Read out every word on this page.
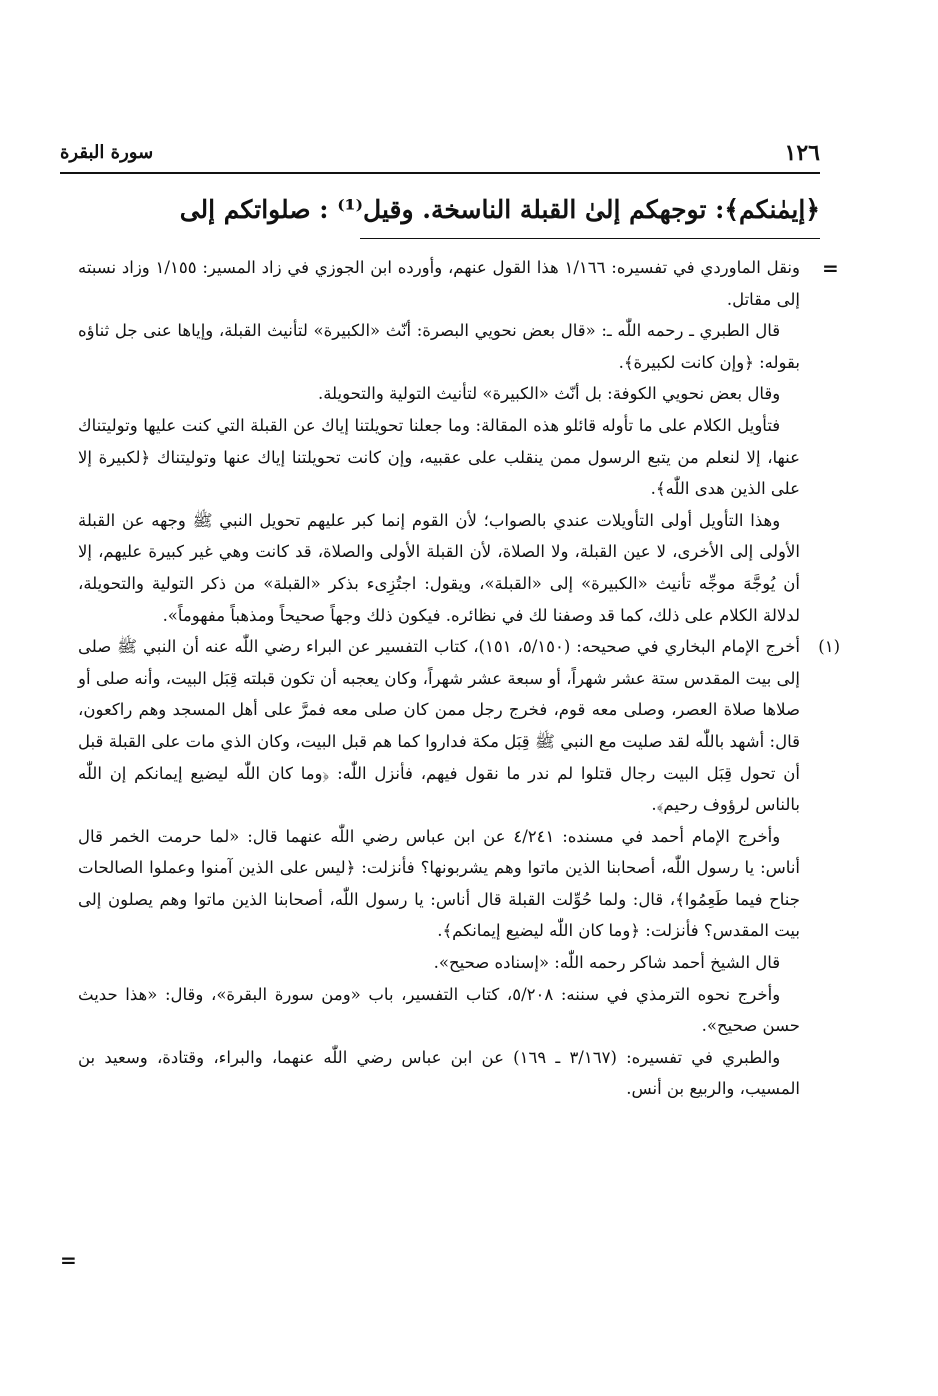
١٢٦
سورة البقرة
﴿إيمٰنكم﴾: توجهكم إلىٰ القبلة الناسخة. وقيل⁽¹⁾ : صلواتكم إلى
=

ونقل الماوردي في تفسيره: ١/١٦٦ هذا القول عنهم، وأورده ابن الجوزي في زاد المسير: ١/١٥٥ وزاد نسبته إلى مقاتل.

قال الطبري ـ رحمه اللّٰه ـ: «قال بعض نحويي البصرة: أنّث «الكبيرة» لتأنيث القبلة، وإياها عنى جل ثناؤه بقوله: ﴿وإن كانت لكبيرة﴾.

وقال بعض نحويي الكوفة: بل أنّث «الكبيرة» لتأنيث التولية والتحويلة.

فتأويل الكلام على ما تأوله قائلو هذه المقالة: وما جعلنا تحويلتنا إياك عن القبلة التي كنت عليها وتوليتناك عنها، إلا لنعلم من يتبع الرسول ممن ينقلب على عقبيه، وإن كانت تحويلتنا إياك عنها وتوليتناك ﴿لكبيرة إلا على الذين هدى اللّٰه﴾.

وهذا التأويل أولى التأويلات عندي بالصواب؛ لأن القوم إنما كبر عليهم تحويل النبي ﷺ وجهه عن القبلة الأولى إلى الأخرى، لا عين القبلة، ولا الصلاة، لأن القبلة الأولى والصلاة، قد كانت وهي غير كبيرة عليهم، إلا أن يُوجَّهَ موجِّه تأنيث «الكبيرة» إلى «القبلة»، ويقول: اجتُزِىء بذكر «القبلة» من ذكر التولية والتحويلة، لدلالة الكلام على ذلك، كما قد وصفنا لك في نظائره. فيكون ذلك وجهاً صحيحاً ومذهباً مفهوماً».

(١)

أخرج الإمام البخاري في صحيحه: (٥/١٥٠، ١٥١)، كتاب التفسير عن البراء رضي اللّٰه عنه أن النبي ﷺ صلى إلى بيت المقدس ستة عشر شهراً، أو سبعة عشر شهراً، وكان يعجبه أن تكون قبلته قِبَل البيت، وأنه صلى أو صلاها صلاة العصر، وصلى معه قوم، فخرج رجل ممن كان صلى معه فمرَّ على أهل المسجد وهم راكعون، قال: أشهد باللّٰه لقد صليت مع النبي ﷺ قِبَل مكة فداروا كما هم قبل البيت، وكان الذي مات على القبلة قبل أن تحول قِبَل البيت رجال قتلوا لم ندر ما نقول فيهم، فأنزل اللّٰه: ﴿وما كان اللّٰه ليضيع إيمانكم إن اللّٰه بالناس لرؤوف رحيم﴾.

وأخرج الإمام أحمد في مسنده: ٤/٢٤١ عن ابن عباس رضي اللّٰه عنهما قال: «لما حرمت الخمر قال أناس: يا رسول اللّٰه، أصحابنا الذين ماتوا وهم يشربونها؟ فأنزلت: ﴿ليس على الذين آمنوا وعملوا الصالحات جناح فيما طَعِمُوا﴾، قال: ولما حُوِّلت القبلة قال أناس: يا رسول اللّٰه، أصحابنا الذين ماتوا وهم يصلون إلى بيت المقدس؟ فأنزلت: ﴿وما كان اللّٰه ليضيع إيمانكم﴾.

قال الشيخ أحمد شاكر رحمه اللّٰه: «إسناده صحيح».

وأخرج نحوه الترمذي في سننه: ٥/٢٠٨، كتاب التفسير، باب «ومن سورة البقرة»، وقال: «هذا حديث حسن صحيح».

والطبري في تفسيره: (٣/١٦٧ ـ ١٦٩) عن ابن عباس رضي اللّٰه عنهما، والبراء، وقتادة، وسعيد بن المسيب، والربيع بن أنس.

=
